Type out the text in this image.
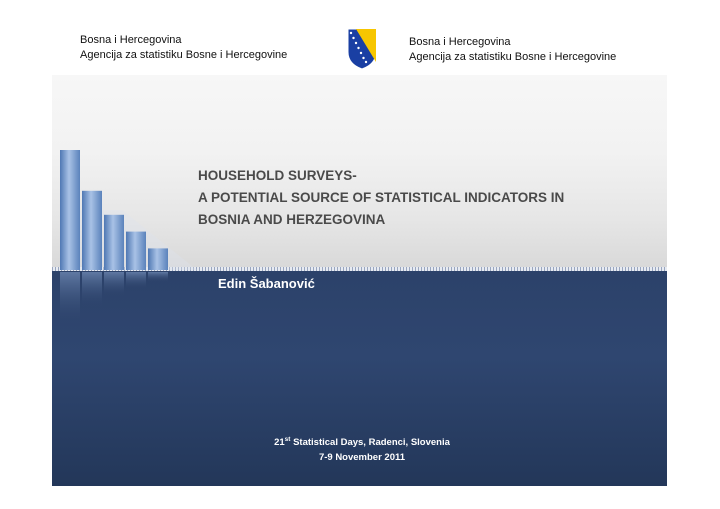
Bosna i Hercegovina
Agencija za statistiku Bosne i Hercegovine
Bosna i Hercegovina
Agencija za statistiku Bosne i Hercegovine
HOUSEHOLD SURVEYS-
A POTENTIAL SOURCE OF STATISTICAL INDICATORS IN
BOSNIA AND HERZEGOVINA

Edin Šabanović

21st Statistical Days, Radenci, Slovenia
7-9 November 2011
